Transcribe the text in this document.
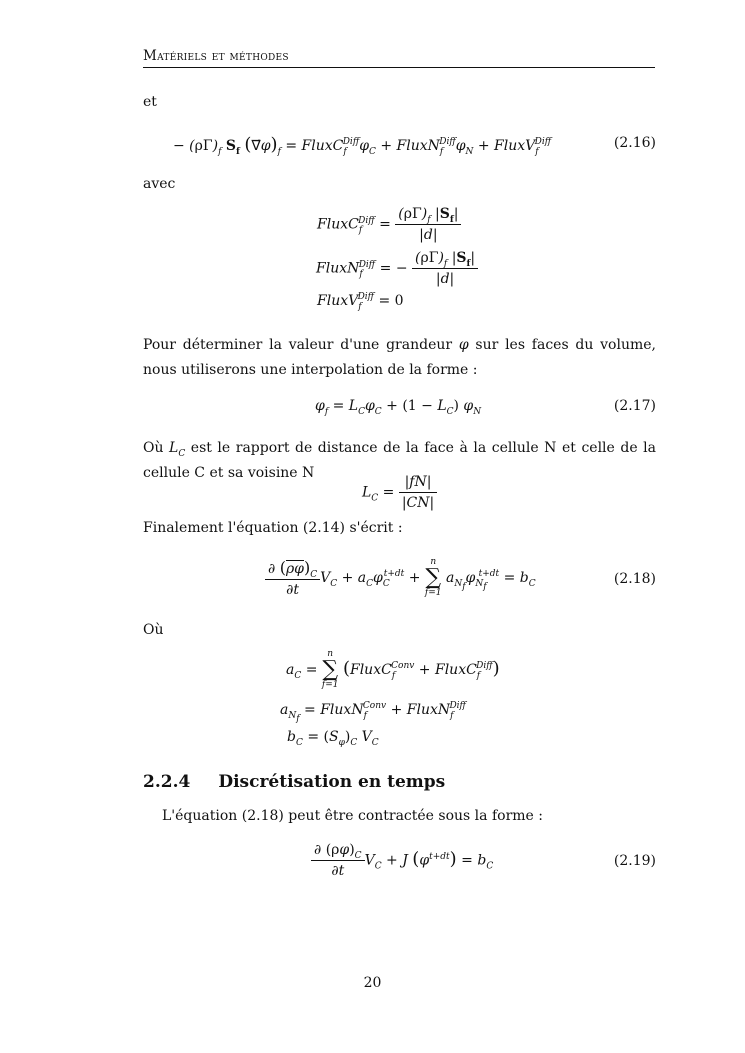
Matériels et méthodes
et
− $(\rho\Gamma)_f$ $S_f$ $(\nabla⃗\varphi)_f$ = $FluxC_f^{Diff}\varphi_C$ + $FluxN_f^{Diff}\varphi_N$ + FluxV$_f^{Diff}$	(2.16)
avec
FluxC$_f^{Diff}$ = $\frac{(\rho\Gamma)_f |S_f|}{|d|}$
FluxN$_f^{Diff}$ = − $\frac{(\rho\Gamma)_f |S_f|}{|d|}$
FluxV$_f^{Diff}$ = 0
Pour déterminer la valeur d'une grandeur φ sur les faces du volume, nous utiliserons une interpolation de la forme :
$\varphi_f = L_C\varphi_C + (1 - L_C)$ $\varphi_N$	(2.17)
Où $L_C$ est le rapport de distance de la face à la cellule N et celle de la cellule C et sa voisine N
$L_C = \frac{|fN|}{|CN|}$
Finalement l'équation (2.14) s'écrit :
$\frac{\partial (\overline{\rho\varphi})_C}{\partial t} V_C + a_C\varphi_C^{t+dt}$ +
n
∑
f=1
$a_{N_f}\varphi_{N_f}^{t+dt} = b_C$	(2.18)
Où
$a_C$ =
n
∑
f=1
(FluxC$_f^{Conv}$ + FluxC$_f^{Diff}$)
$a_{N_f}$ = FluxN$_f^{Conv}$ + FluxN$_f^{Diff}$
$b_C = (S_\varphi)_C$ $V_C$
2.2.4 Discrétisation en temps
L'équation (2.18) peut être contractée sous la forme :
$\frac{\partial (\rho\varphi)_C}{\partial t} V_C + J$ $(\varphi^{t+dt}) = b_C$	(2.19)
20
